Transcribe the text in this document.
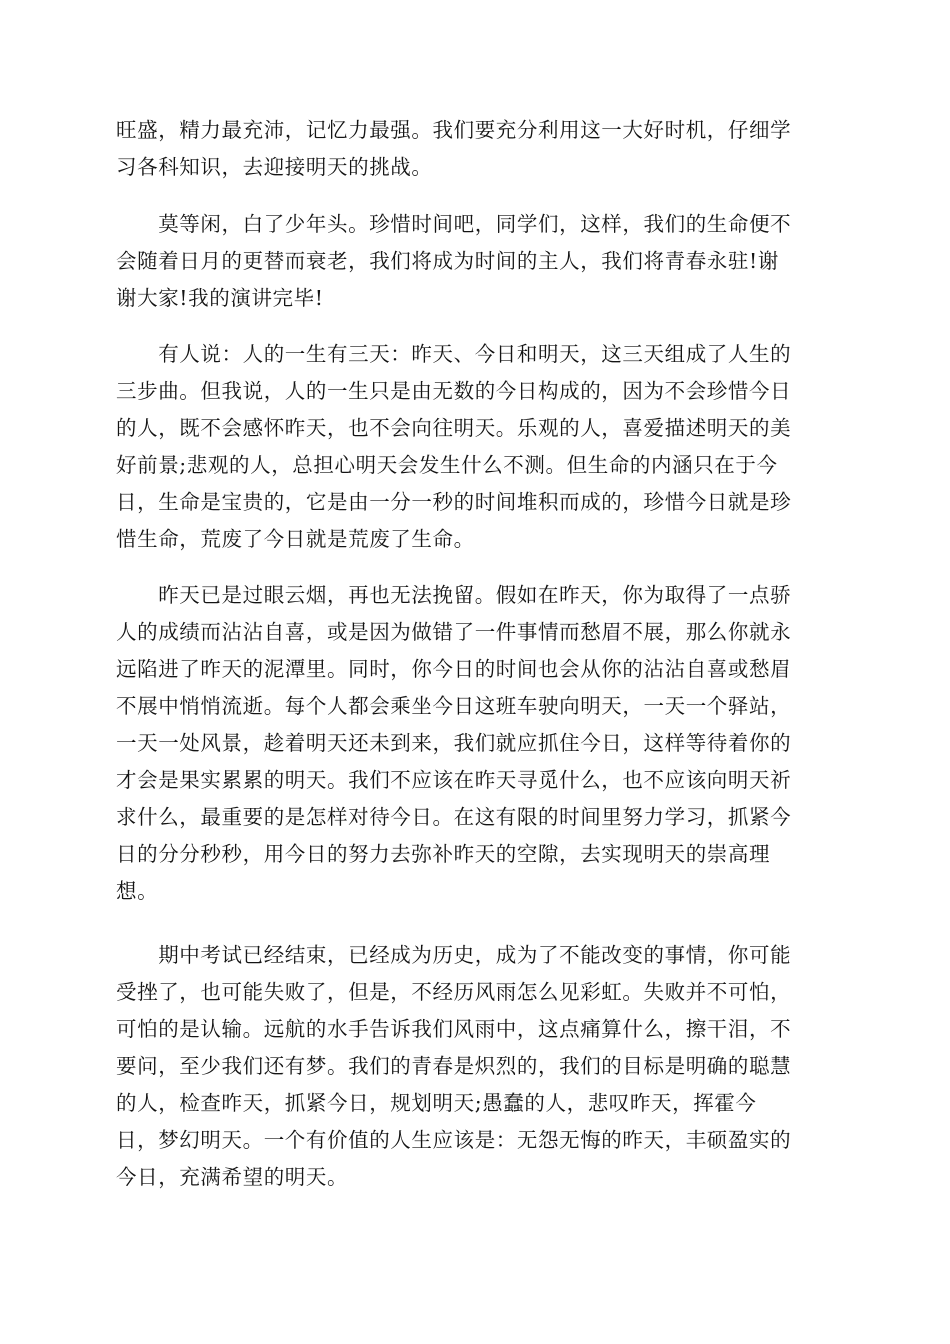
旺盛，精力最充沛，记忆力最强。我们要充分利用这一大好时机，仔细学
习各科知识，去迎接明天的挑战。
　　莫等闲，白了少年头。珍惜时间吧，同学们，这样，我们的生命便不
会随着日月的更替而衰老，我们将成为时间的主人，我们将青春永驻!谢
谢大家!我的演讲完毕!
　　有人说：人的一生有三天：昨天、今日和明天，这三天组成了人生的
三步曲。但我说，人的一生只是由无数的今日构成的，因为不会珍惜今日
的人，既不会感怀昨天，也不会向往明天。乐观的人，喜爱描述明天的美
好前景;悲观的人，总担心明天会发生什么不测。但生命的内涵只在于今
日，生命是宝贵的，它是由一分一秒的时间堆积而成的，珍惜今日就是珍
惜生命，荒废了今日就是荒废了生命。
　　昨天已是过眼云烟，再也无法挽留。假如在昨天，你为取得了一点骄
人的成绩而沾沾自喜，或是因为做错了一件事情而愁眉不展，那么你就永
远陷进了昨天的泥潭里。同时，你今日的时间也会从你的沾沾自喜或愁眉
不展中悄悄流逝。每个人都会乘坐今日这班车驶向明天，一天一个驿站，
一天一处风景，趁着明天还未到来，我们就应抓住今日，这样等待着你的
才会是果实累累的明天。我们不应该在昨天寻觅什么，也不应该向明天祈
求什么，最重要的是怎样对待今日。在这有限的时间里努力学习，抓紧今
日的分分秒秒，用今日的努力去弥补昨天的空隙，去实现明天的崇高理
想。
　　期中考试已经结束，已经成为历史，成为了不能改变的事情，你可能
受挫了，也可能失败了，但是，不经历风雨怎么见彩虹。失败并不可怕，
可怕的是认输。远航的水手告诉我们风雨中，这点痛算什么，擦干泪，不
要问，至少我们还有梦。我们的青春是炽烈的，我们的目标是明确的聪慧
的人，检查昨天，抓紧今日，规划明天;愚蠢的人，悲叹昨天，挥霍今
日，梦幻明天。一个有价值的人生应该是：无怨无悔的昨天，丰硕盈实的
今日，充满希望的明天。
